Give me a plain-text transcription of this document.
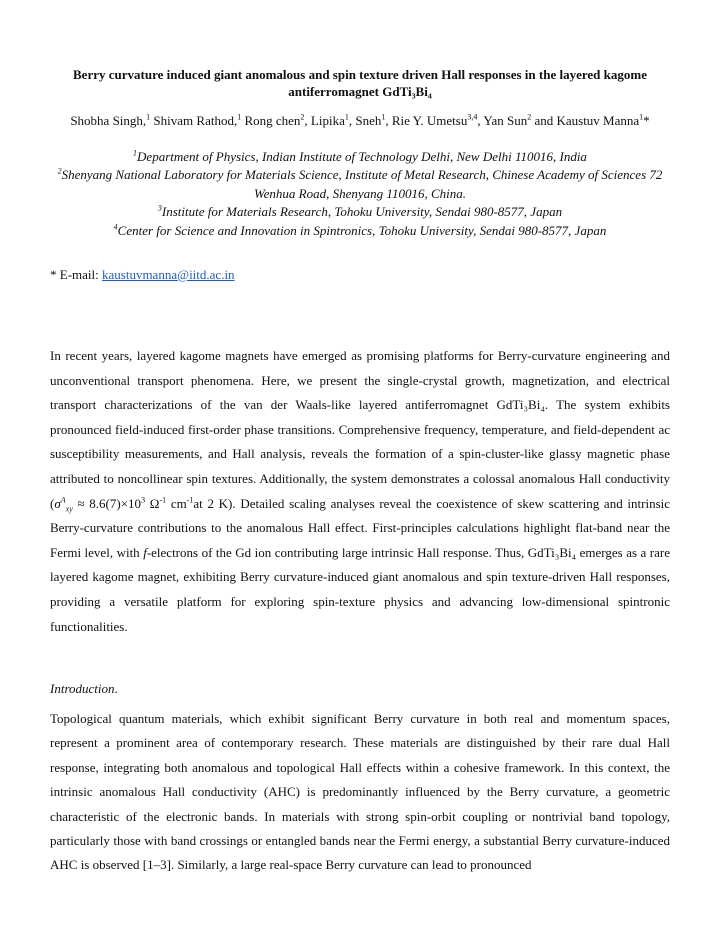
Berry curvature induced giant anomalous and spin texture driven Hall responses in the layered kagome antiferromagnet GdTi₃Bi₄
Shobha Singh,$^1$ Shivam Rathod,$^1$ Rong chen$^2$, Lipika$^1$, Sneh$^1$, Rie Y. Umetsu$^{3,4}$, Yan Sun$^2$ and Kaustuv Manna$^1$*
$^1$Department of Physics, Indian Institute of Technology Delhi, New Delhi 110016, India
$^2$Shenyang National Laboratory for Materials Science, Institute of Metal Research, Chinese Academy of Sciences 72 Wenhua Road, Shenyang 110016, China.
$^3$Institute for Materials Research, Tohoku University, Sendai 980-8577, Japan
$^4$Center for Science and Innovation in Spintronics, Tohoku University, Sendai 980-8577, Japan
* E-mail: kaustuvmanna@iitd.ac.in
In recent years, layered kagome magnets have emerged as promising platforms for Berry-curvature engineering and unconventional transport phenomena. Here, we present the single-crystal growth, magnetization, and electrical transport characterizations of the van der Waals-like layered antiferromagnet GdTi₃Bi₄. The system exhibits pronounced field-induced first-order phase transitions. Comprehensive frequency, temperature, and field-dependent ac susceptibility measurements, and Hall analysis, reveals the formation of a spin-cluster-like glassy magnetic phase attributed to noncollinear spin textures. Additionally, the system demonstrates a colossal anomalous Hall conductivity ($\sigma^A_{xy} \approx 8.6(7)\times 10^3$ $\Omega^{-1}$ $cm^{-1}at$ 2 K). Detailed scaling analyses reveal the coexistence of skew scattering and intrinsic Berry-curvature contributions to the anomalous Hall effect. First-principles calculations highlight flat-band near the Fermi level, with f-electrons of the Gd ion contributing large intrinsic Hall response. Thus, GdTi₃Bi₄ emerges as a rare layered kagome magnet, exhibiting Berry curvature-induced giant anomalous and spin texture-driven Hall responses, providing a versatile platform for exploring spin-texture physics and advancing low-dimensional spintronic functionalities.
Introduction.
Topological quantum materials, which exhibit significant Berry curvature in both real and momentum spaces, represent a prominent area of contemporary research. These materials are distinguished by their rare dual Hall response, integrating both anomalous and topological Hall effects within a cohesive framework. In this context, the intrinsic anomalous Hall conductivity (AHC) is predominantly influenced by the Berry curvature, a geometric characteristic of the electronic bands. In materials with strong spin-orbit coupling or nontrivial band topology, particularly those with band crossings or entangled bands near the Fermi energy, a substantial Berry curvature-induced AHC is observed [1–3]. Similarly, a large real-space Berry curvature can lead to pronounced
